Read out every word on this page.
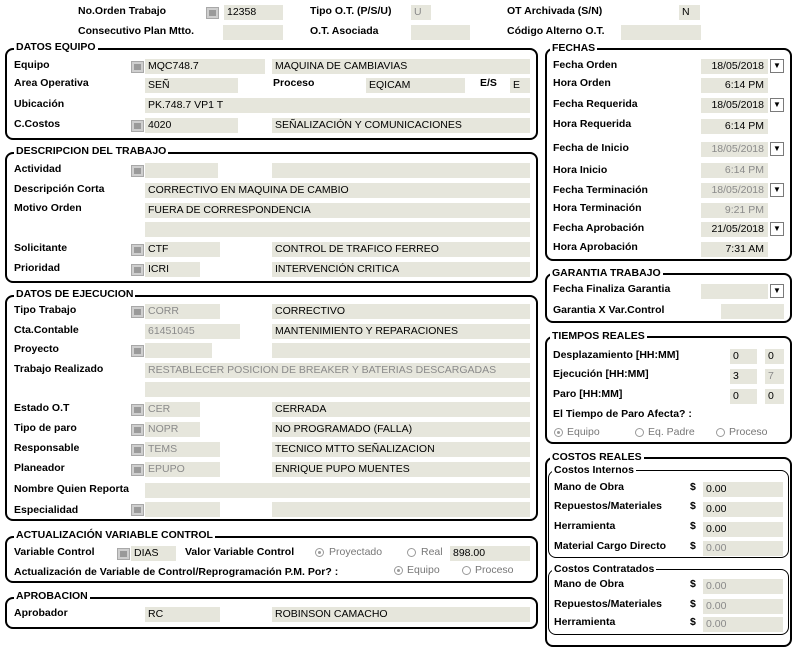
No.Orden Trabajo	12358	Tipo O.T. (P/S/U) U	OT Archivada (S/N)	N
Consecutivo Plan Mtto.	O.T. Asociada	Código Alterno O.T.
DATOS EQUIPO
Equipo	MQC748.7	MAQUINA DE CAMBIAVIAS
Area Operativa	SEÑ	Proceso	EQICAM	E/S E
Ubicación	PK.748.7 VP1 T
C.Costos	4020	SEÑALIZACIÓN Y COMUNICACIONES
DESCRIPCION DEL TRABAJO
Actividad
Descripción Corta	CORRECTIVO EN MAQUINA DE CAMBIO
Motivo Orden	FUERA DE CORRESPONDENCIA
Solicitante	CTF	CONTROL DE TRAFICO FERREO
Prioridad	ICRI	INTERVENCIÓN CRITICA
DATOS DE EJECUCION
Tipo Trabajo	CORR	CORRECTIVO
Cta.Contable	61451045	MANTENIMIENTO Y REPARACIONES
Proyecto
Trabajo Realizado	RESTABLECER POSICION DE BREAKER Y BATERIAS DESCARGADAS
Estado O.T	CER	CERRADA
Tipo de paro	NOPR	NO PROGRAMADO (FALLA)
Responsable	TEMS	TECNICO MTTO SEÑALIZACION
Planeador	EPUPO	ENRIQUE PUPO MUENTES
Nombre Quien Reporta
Especialidad
ACTUALIZACIÓN VARIABLE CONTROL
Variable Control	DIAS	Valor Variable Control	Proyectado	Real 898.00
Actualización de Variable de Control/Reprogramación P.M. Por? :	Equipo	Proceso
APROBACION
Aprobador	RC	ROBINSON CAMACHO
FECHAS
Fecha Orden	18/05/2018	▼
Hora Orden	6:14 PM
Fecha Requerida	18/05/2018	▼
Hora Requerida	6:14 PM
Fecha de Inicio	18/05/2018	▼
Hora Inicio	6:14 PM
Fecha Terminación	18/05/2018	▼
Hora Terminación	9:21 PM
Fecha Aprobación	21/05/2018	▼
Hora Aprobación	7:31 AM
GARANTIA TRABAJO
Fecha Finaliza Garantia	▼
Garantia X Var.Control
TIEMPOS REALES
Desplazamiento [HH:MM]	0	0
Ejecución [HH:MM]	3	7
Paro [HH:MM]	0	0
El Tiempo de Paro Afecta? :
Equipo	Eq. Padre	Proceso
COSTOS REALES
Costos Internos
Mano de Obra	$ 0.00
Repuestos/Materiales	$ 0.00
Herramienta	$ 0.00
Material Cargo Directo $ 0.00
Costos Contratados
Mano de Obra	$ 0.00
Repuestos/Materiales	$ 0.00
Herramienta	$ 0.00
